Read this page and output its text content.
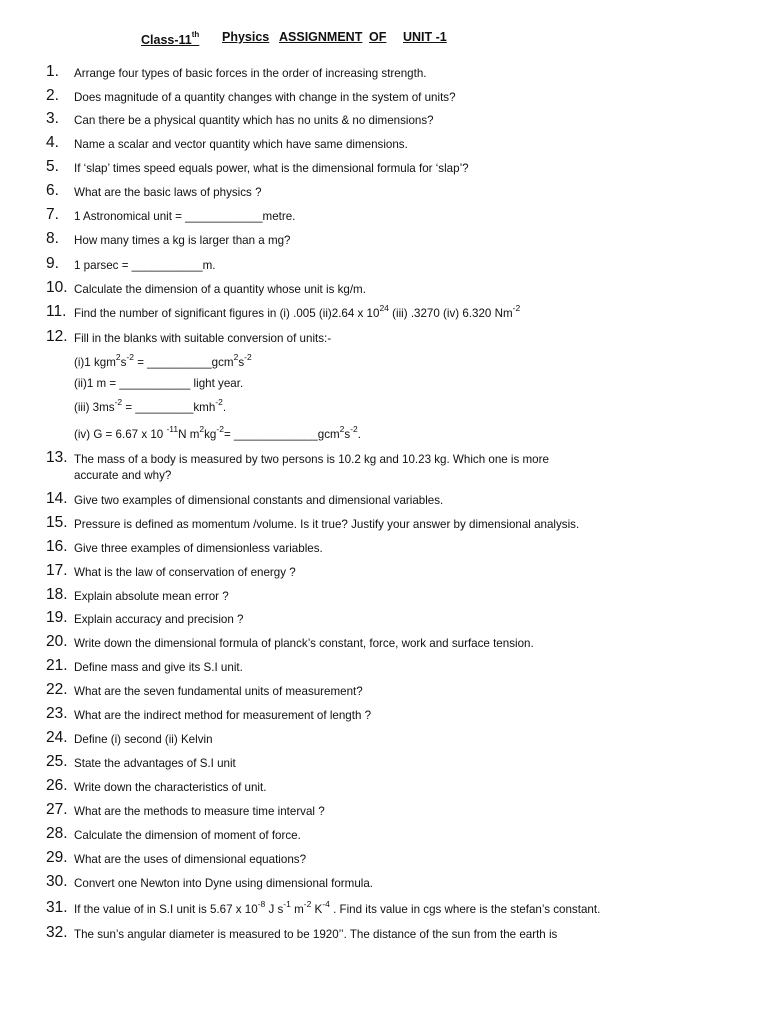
Class-11th Physics ASSIGNMENT OF UNIT -1
1. Arrange four types of basic forces in the order of increasing strength.
2. Does magnitude of a quantity changes with change in the system of units?
3. Can there be a physical quantity which has no units & no dimensions?
4. Name a scalar and vector quantity which have same dimensions.
5. If ‘slap’ times speed equals power, what is the dimensional formula for ‘slap’?
6. What are the basic laws of physics ?
7. 1 Astronomical unit = ____________metre.
8. How many times a kg is larger than a mg?
9. 1 parsec = ___________m.
10. Calculate the dimension of a quantity whose unit is kg/m.
11. Find the number of significant figures in (i) .005 (ii)2.64 x $10^{24}$ (iii) .3270 (iv) 6.320 $Nm^{-2}$
12. Fill in the blanks with suitable conversion of units:-
(i)1 $kgm^2s^{-2}$ = $\_\_\_\_\_\_\_\_\_\_gcm^2s^{-2}$
(ii)1 m = ___________ light year.
(iii) $3ms^{-2}$ = _________kmh$^{-2}$.
(iv) G = 6.67 x 10 $^{-11}$N $m^2kg^{-2}=$ $\_\_\_\_\_\_\_\_\_\_\_\_\_gcm^2s^{-2}$.
13. The mass of a body is measured by two persons is 10.2 kg and 10.23 kg. Which one is more
accurate and why?
14. Give two examples of dimensional constants and dimensional variables.
15. Pressure is defined as momentum /volume. Is it true? Justify your answer by dimensional analysis.
16. Give three examples of dimensionless variables.
17. What is the law of conservation of energy ?
18. Explain absolute mean error ?
19. Explain accuracy and precision ?
20. Write down the dimensional formula of planck’s constant, force, work and surface tension.
21. Define mass and give its S.I unit.
22. What are the seven fundamental units of measurement?
23. What are the indirect method for measurement of length ?
24. Define (i) second (ii) Kelvin
25. State the advantages of S.I unit
26. Write down the characteristics of unit.
27. What are the methods to measure time interval ?
28. Calculate the dimension of moment of force.
29. What are the uses of dimensional equations?
30. Convert one Newton into Dyne using dimensional formula.
31. If the value of in S.I unit is 5.67 x $10^{-8}$ J $s^{-1}$ $m^{-2}$ $K^{-4}$ . Find its value in cgs where is the stefan’s constant.
32. The sun’s angular diameter is measured to be 1920’’. The distance of the sun from the earth is
